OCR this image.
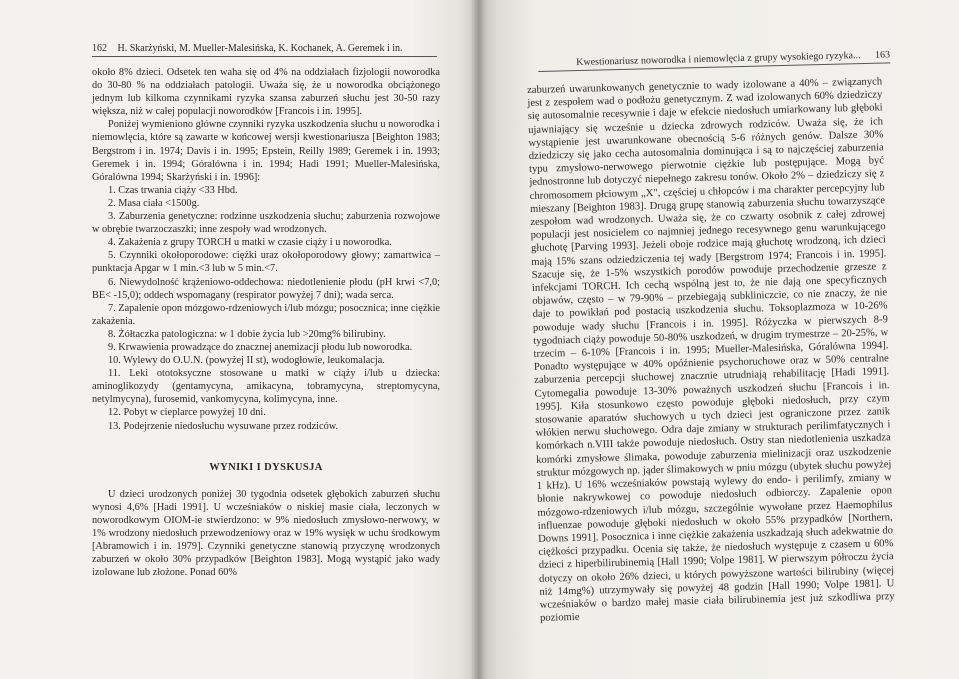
162 H. Skarżyński, M. Mueller-Malesińska, K. Kochanek, A. Geremek i in.

około 8% dzieci. Odsetek ten waha się od 4% na oddziałach fizjologii noworodka do 30-80 % na oddziałach patologii. Uważa się, że u noworodka obciążonego jednym lub kilkoma czynnikami ryzyka szansa zaburzeń słuchu jest 30-50 razy większa, niż w całej populacji noworodków [Francois i in. 1995].

Poniżej wymieniono główne czynniki ryzyka uszkodzenia słuchu u noworodka i niemowlęcia, które są zawarte w końcowej wersji kwestionariusza [Beighton 1983; Bergstrom i in. 1974; Davis i in. 1995; Epstein, Reilly 1989; Geremek i in. 1993; Geremek i in. 1994; Góralówna i in. 1994; Hadi 1991; Mueller-Malesińska, Góralówna 1994; Skarżyński i in. 1996]:

1. Czas trwania ciąży <33 Hbd.

2. Masa ciała <1500g.

3. Zaburzenia genetyczne: rodzinne uszkodzenia słuchu; zaburzenia rozwojowe w obrębie twarzoczaszki; inne zespoły wad wrodzonych.

4. Zakażenia z grupy TORCH u matki w czasie ciąży i u noworodka.

5. Czynniki okołoporodowe: ciężki uraz okołoporodowy głowy; zamartwica – punktacja Apgar w 1 min.<3 lub w 5 min.<7.

6. Niewydolność krążeniowo-oddechowa: niedotlenienie płodu (pH krwi <7,0; BE< -15,0); oddech wspomagany (respirator powyżej 7 dni); wada serca.

7. Zapalenie opon mózgowo-rdzeniowych i/lub mózgu; posocznica; inne ciężkie zakażenia.

8. Żółtaczka patologiczna: w 1 dobie życia lub >20mg% bilirubiny.

9. Krwawienia prowadzące do znacznej anemizacji płodu lub noworodka.

10. Wylewy do O.U.N. (powyżej II st), wodogłowie, leukomalacja.

11. Leki ototoksyczne stosowane u matki w ciąży i/lub u dziecka: aminoglikozydy (gentamycyna, amikacyna, tobramycyna, streptomycyna, netylmycyna), furosemid, vankomycyna, kolimycyna, inne.

12. Pobyt w cieplarce powyżej 10 dni.

13. Podejrzenie niedosłuchu wysuwane przez rodziców.

WYNIKI I DYSKUSJA

U dzieci urodzonych poniżej 30 tygodnia odsetek głębokich zaburzeń słuchu wynosi 4,6% [Hadi 1991]. U wcześniaków o niskiej masie ciała, leczonych w noworodkowym OIOM-ie stwierdzono: w 9% niedosłuch zmysłowo-nerwowy, w 1% wrodzony niedosłuch przewodzeniowy oraz w 19% wysięk w uchu środkowym [Abramowich i in. 1979]. Czynniki genetyczne stanowią przyczynę wrodzonych zaburzeń w około 30% przypadków [Beighton 1983]. Mogą wystąpić jako wady izolowane lub złożone. Ponad 60%

Kwestionariusz noworodka i niemowlęcia z grupy wysokiego ryzyka... 163

zaburzeń uwarunkowanych genetycznie to wady izolowane a 40% – związanych jest z zespołem wad o podłożu genetycznym. Z wad izolowanych 60% dziedziczy się autosomalnie recesywnie i daje w efekcie niedosłuch umiarkowany lub głęboki ujawniający się wcześnie u dziecka zdrowych rodziców. Uważa się, że ich wystąpienie jest uwarunkowane obecnością 5-6 różnych genów. Dalsze 30% dziedziczy się jako cecha autosomalnia dominująca i są to najczęściej zaburzenia typu zmysłowo-nerwowego pierwotnie ciężkie lub postępujące. Mogą być jednostronne lub dotyczyć niepełnego zakresu tonów. Około 2% – dziedziczy się z chromosomem płciowym „X", częściej u chłopców i ma charakter percepcyjny lub mieszany [Beighton 1983]. Drugą grupę stanowią zaburzenia słuchu towarzyszące zespołom wad wrodzonych. Uważa się, że co czwarty osobnik z całej zdrowej populacji jest nosicielem co najmniej jednego recesywnego genu warunkującego głuchotę [Parving 1993]. Jeżeli oboje rodzice mają głuchotę wrodzoną, ich dzieci mają 15% szans odziedziczenia tej wady [Bergstrom 1974; Francois i in. 1995]. Szacuje się, że 1-5% wszystkich porodów powoduje przechodzenie grzesze z infekcjami TORCH. Ich cechą wspólną jest to, że nie dają one specyficznych objawów, często – w 79-90% – przebiegają subkliniczcie, co nie znaczy, że nie daje to powikłań pod postacią uszkodzenia słuchu. Toksoplazmoza w 10-26% powoduje wady słuchu [Francois i in. 1995]. Różyczka w pierwszych 8-9 tygodniach ciąży powoduje 50-80% uszkodzeń, w drugim trymestrze – 20-25%, w trzecim – 6-10% [Francois i in. 1995; Mueller-Malesińska, Góralówna 1994]. Ponadto występujące w 40% opóźnienie psychoruchowe oraz w 50% centralne zaburzenia percepcji słuchowej znacznie utrudniają rehabilitację [Hadi 1991]. Cytomegalia powoduje 13-30% poważnych uszkodzeń słuchu [Francois i in. 1995]. Kiła stosunkowo często powoduje głęboki niedosłuch, przy czym stosowanie aparatów słuchowych u tych dzieci jest ograniczone przez zanik włókien nerwu słuchowego. Odra daje zmiany w strukturach perilimfatycznych i komórkach n.VIII także powoduje niedosłuch. Ostry stan niedotlenienia uszkadza komórki zmysłowe ślimaka, powoduje zaburzenia mielinizacji oraz uszkodzenie struktur mózgowych np. jąder ślimakowych w pniu mózgu (ubytek słuchu powyżej 1 kHz). U 16% wcześniaków powstają wylewy do endo- i perilimfy, zmiany w błonie nakrywkowej co powoduje niedosłuch odbiorczy. Zapalenie opon mózgowo-rdzeniowych i/lub mózgu, szczególnie wywołane przez Haemophilus influenzae powoduje głęboki niedosłuch w około 55% przypadków [Northern, Downs 1991]. Posocznica i inne ciężkie zakażenia uszkadzają słuch adekwatnie do ciężkości przypadku. Ocenia się także, że niedosłuch występuje z czasem u 60% dzieci z hiperbilirubinemią [Hall 1990; Volpe 1981]. W pierwszym półroczu życia dotyczy on około 26% dzieci, u których powyższone wartości bilirubiny (więcej niż 14mg%) utrzymywały się powyżej 48 godzin [Hall 1990; Volpe 1981]. U wcześniaków o bardzo małej masie ciała bilirubinemia jest już szkodliwa przy poziomie
